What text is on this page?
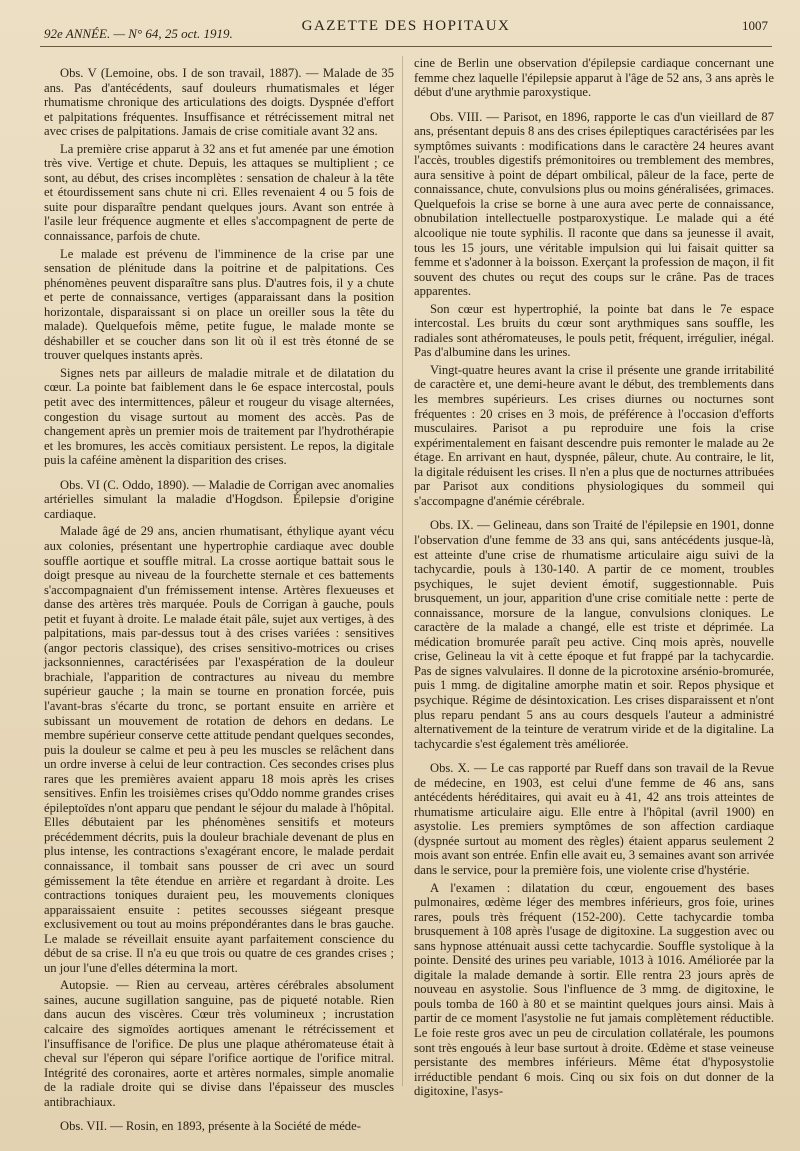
92e ANNÉE. — N° 64, 25 oct. 1919.	GAZETTE DES HOPITAUX	1007

Obs. V (Lemoine, obs. I de son travail, 1887). — Malade de 35 ans. Pas d'antécédents, sauf douleurs rhumatismales et léger rhumatisme chronique des articulations des doigts. Dyspnée d'effort et palpitations fréquentes. Insuffisance et rétrécissement mitral net avec crises de palpitations. Jamais de crise comitiale avant 32 ans.

La première crise apparut à 32 ans et fut amenée par une émotion très vive. Vertige et chute. Depuis, les attaques se multiplient ; ce sont, au début, des crises incomplètes : sensation de chaleur à la tête et étourdissement sans chute ni cri. Elles revenaient 4 ou 5 fois de suite pour disparaître pendant quelques jours. Avant son entrée à l'asile leur fréquence augmente et elles s'accompagnent de perte de connaissance, parfois de chute.

Le malade est prévenu de l'imminence de la crise par une sensation de plénitude dans la poitrine et de palpitations. Ces phénomènes peuvent disparaître sans plus. D'autres fois, il y a chute et perte de connaissance, vertiges (apparaissant dans la position horizontale, disparaissant si on place un oreiller sous la tête du malade). Quelquefois même, petite fugue, le malade monte se déshabiller et se coucher dans son lit où il est très étonné de se trouver quelques instants après.

Signes nets par ailleurs de maladie mitrale et de dilatation du cœur. La pointe bat faiblement dans le 6e espace intercostal, pouls petit avec des intermittences, pâleur et rougeur du visage alternées, congestion du visage surtout au moment des accès. Pas de changement après un premier mois de traitement par l'hydrothérapie et les bromures, les accès comitiaux persistent. Le repos, la digitale puis la caféine amènent la disparition des crises.

Obs. VI (C. Oddo, 1890). — Maladie de Corrigan avec anomalies artérielles simulant la maladie d'Hogdson. Épilepsie d'origine cardiaque.

Malade âgé de 29 ans, ancien rhumatisant, éthylique ayant vécu aux colonies, présentant une hypertrophie cardiaque avec double souffle aortique et souffle mitral. La crosse aortique battait sous le doigt presque au niveau de la fourchette sternale et ces battements s'accompagnaient d'un frémissement intense. Artères flexueuses et danse des artères très marquée. Pouls de Corrigan à gauche, pouls petit et fuyant à droite. Le malade était pâle, sujet aux vertiges, à des palpitations, mais par-dessus tout à des crises variées : sensitives (angor pectoris classique), des crises sensitivo-motrices ou crises jacksonniennes, caractérisées par l'exaspération de la douleur brachiale, l'apparition de contractures au niveau du membre supérieur gauche ; la main se tourne en pronation forcée, puis l'avant-bras s'écarte du tronc, se portant ensuite en arrière et subissant un mouvement de rotation de dehors en dedans. Le membre supérieur conserve cette attitude pendant quelques secondes, puis la douleur se calme et peu à peu les muscles se relâchent dans un ordre inverse à celui de leur contraction. Ces secondes crises plus rares que les premières avaient apparu 18 mois après les crises sensitives. Enfin les troisièmes crises qu'Oddo nomme grandes crises épileptoïdes n'ont apparu que pendant le séjour du malade à l'hôpital. Elles débutaient par les phénomènes sensitifs et moteurs précédemment décrits, puis la douleur brachiale devenant de plus en plus intense, les contractions s'exagérant encore, le malade perdait connaissance, il tombait sans pousser de cri avec un sourd gémissement la tête étendue en arrière et regardant à droite. Les contractions toniques duraient peu, les mouvements cloniques apparaissaient ensuite : petites secousses siégeant presque exclusivement ou tout au moins prépondérantes dans le bras gauche. Le malade se réveillait ensuite ayant parfaitement conscience du début de sa crise. Il n'a eu que trois ou quatre de ces grandes crises ; un jour l'une d'elles détermina la mort.

Autopsie. — Rien au cerveau, artères cérébrales absolument saines, aucune sugillation sanguine, pas de piqueté notable. Rien dans aucun des viscères. Cœur très volumineux ; incrustation calcaire des sigmoïdes aortiques amenant le rétrécissement et l'insuffisance de l'orifice. De plus une plaque athéromateuse était à cheval sur l'éperon qui sépare l'orifice aortique de l'orifice mitral. Intégrité des coronaires, aorte et artères normales, simple anomalie de la radiale droite qui se divise dans l'épaisseur des muscles antibrachiaux.

Obs. VII. — Rosin, en 1893, présente à la Société de méde-

cine de Berlin une observation d'épilepsie cardiaque concernant une femme chez laquelle l'épilepsie apparut à l'âge de 52 ans, 3 ans après le début d'une arythmie paroxystique.

Obs. VIII. — Parisot, en 1896, rapporte le cas d'un vieillard de 87 ans, présentant depuis 8 ans des crises épileptiques caractérisées par les symptômes suivants : modifications dans le caractère 24 heures avant l'accès, troubles digestifs prémonitoires ou tremblement des membres, aura sensitive à point de départ ombilical, pâleur de la face, perte de connaissance, chute, convulsions plus ou moins généralisées, grimaces. Quelquefois la crise se borne à une aura avec perte de connaissance, obnubilation intellectuelle postparoxystique. Le malade qui a été alcoolique nie toute syphilis. Il raconte que dans sa jeunesse il avait, tous les 15 jours, une véritable impulsion qui lui faisait quitter sa femme et s'adonner à la boisson. Exerçant la profession de maçon, il fit souvent des chutes ou reçut des coups sur le crâne. Pas de traces apparentes.

Son cœur est hypertrophié, la pointe bat dans le 7e espace intercostal. Les bruits du cœur sont arythmiques sans souffle, les radiales sont athéromateuses, le pouls petit, fréquent, irrégulier, inégal. Pas d'albumine dans les urines.

Vingt-quatre heures avant la crise il présente une grande irritabilité de caractère et, une demi-heure avant le début, des tremblements dans les membres supérieurs. Les crises diurnes ou nocturnes sont fréquentes : 20 crises en 3 mois, de préférence à l'occasion d'efforts musculaires. Parisot a pu reproduire une fois la crise expérimentalement en faisant descendre puis remonter le malade au 2e étage. En arrivant en haut, dyspnée, pâleur, chute. Au contraire, le lit, la digitale réduisent les crises. Il n'en a plus que de nocturnes attribuées par Parisot aux conditions physiologiques du sommeil qui s'accompagne d'anémie cérébrale.

Obs. IX. — Gelineau, dans son Traité de l'épilepsie en 1901, donne l'observation d'une femme de 33 ans qui, sans antécédents jusque-là, est atteinte d'une crise de rhumatisme articulaire aigu suivi de la tachycardie, pouls à 130-140. A partir de ce moment, troubles psychiques, le sujet devient émotif, suggestionnable. Puis brusquement, un jour, apparition d'une crise comitiale nette : perte de connaissance, morsure de la langue, convulsions cloniques. Le caractère de la malade a changé, elle est triste et déprimée. La médication bromurée paraît peu active. Cinq mois après, nouvelle crise, Gelineau la vit à cette époque et fut frappé par la tachycardie. Pas de signes valvulaires. Il donne de la picrotoxine arsénio-bromurée, puis 1 mmg. de digitaline amorphe matin et soir. Repos physique et psychique. Régime de désintoxication. Les crises disparaissent et n'ont plus reparu pendant 5 ans au cours desquels l'auteur a administré alternativement de la teinture de veratrum viride et de la digitaline. La tachycardie s'est également très améliorée.

Obs. X. — Le cas rapporté par Rueff dans son travail de la Revue de médecine, en 1903, est celui d'une femme de 46 ans, sans antécédents héréditaires, qui avait eu à 41, 42 ans trois atteintes de rhumatisme articulaire aigu. Elle entre à l'hôpital (avril 1900) en asystolie. Les premiers symptômes de son affection cardiaque (dyspnée surtout au moment des règles) étaient apparus seulement 2 mois avant son entrée. Enfin elle avait eu, 3 semaines avant son arrivée dans le service, pour la première fois, une violente crise d'hystérie.

A l'examen : dilatation du cœur, engouement des bases pulmonaires, œdème léger des membres inférieurs, gros foie, urines rares, pouls très fréquent (152-200). Cette tachycardie tomba brusquement à 108 après l'usage de digitoxine. La suggestion avec ou sans hypnose atténuait aussi cette tachycardie. Souffle systolique à la pointe. Densité des urines peu variable, 1013 à 1016. Améliorée par la digitale la malade demande à sortir. Elle rentra 23 jours après de nouveau en asystolie. Sous l'influence de 3 mmg. de digitoxine, le pouls tomba de 160 à 80 et se maintint quelques jours ainsi. Mais à partir de ce moment l'asystolie ne fut jamais complètement réductible. Le foie reste gros avec un peu de circulation collatérale, les poumons sont très engoués à leur base surtout à droite. Œdème et stase veineuse persistante des membres inférieurs. Même état d'hyposystolie irréductible pendant 6 mois. Cinq ou six fois on dut donner de la digitoxine, l'asys-
